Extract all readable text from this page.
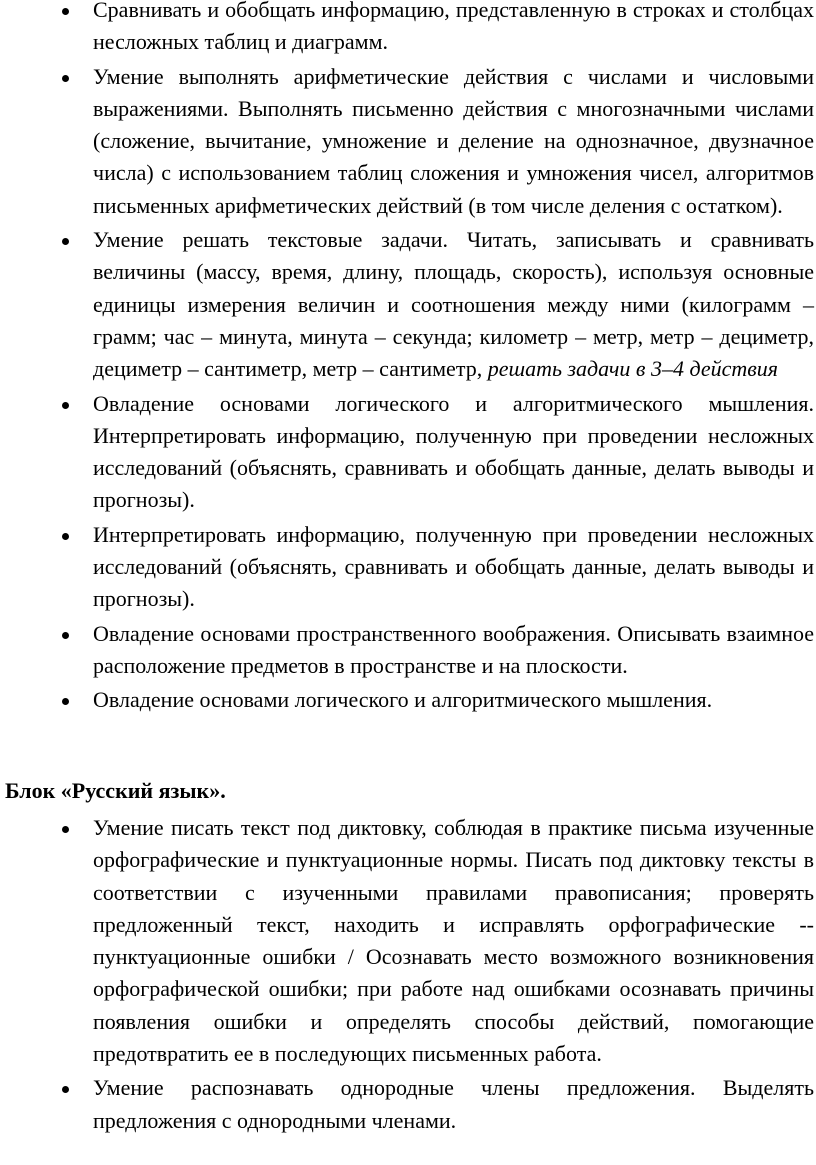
Сравнивать и обобщать информацию, представленную в строках и столбцах несложных таблиц и диаграмм.
Умение выполнять арифметические действия с числами и числовыми выражениями. Выполнять письменно действия с многозначными числами (сложение, вычитание, умножение и деление на однозначное, двузначное числа) с использованием таблиц сложения и умножения чисел, алгоритмов письменных арифметических действий (в том числе деления с остатком).
Умение решать текстовые задачи. Читать, записывать и сравнивать величины (массу, время, длину, площадь, скорость), используя основные единицы измерения величин и соотношения между ними (килограмм – грамм; час – минута, минута – секунда; километр – метр, метр – дециметр, дециметр – сантиметр, метр – сантиметр, решать задачи в 3–4 действия
Овладение основами логического и алгоритмического мышления. Интерпретировать информацию, полученную при проведении несложных исследований (объяснять, сравнивать и обобщать данные, делать выводы и прогнозы).
Интерпретировать информацию, полученную при проведении несложных исследований (объяснять, сравнивать и обобщать данные, делать выводы и прогнозы).
Овладение основами пространственного воображения. Описывать взаимное расположение предметов в пространстве и на плоскости.
Овладение основами логического и алгоритмического мышления.
Блок «Русский язык».
Умение писать текст под диктовку, соблюдая в практике письма изученные орфографические и пунктуационные нормы. Писать под диктовку тексты в соответствии с изученными правилами правописания; проверять предложенный текст, находить и исправлять орфографические --пунктуационные ошибки / Осознавать место возможного возникновения орфографической ошибки; при работе над ошибками осознавать причины появления ошибки и определять способы действий, помогающие предотвратить ее в последующих письменных работа.
Умение распознавать однородные члены предложения. Выделять предложения с однородными членами.
